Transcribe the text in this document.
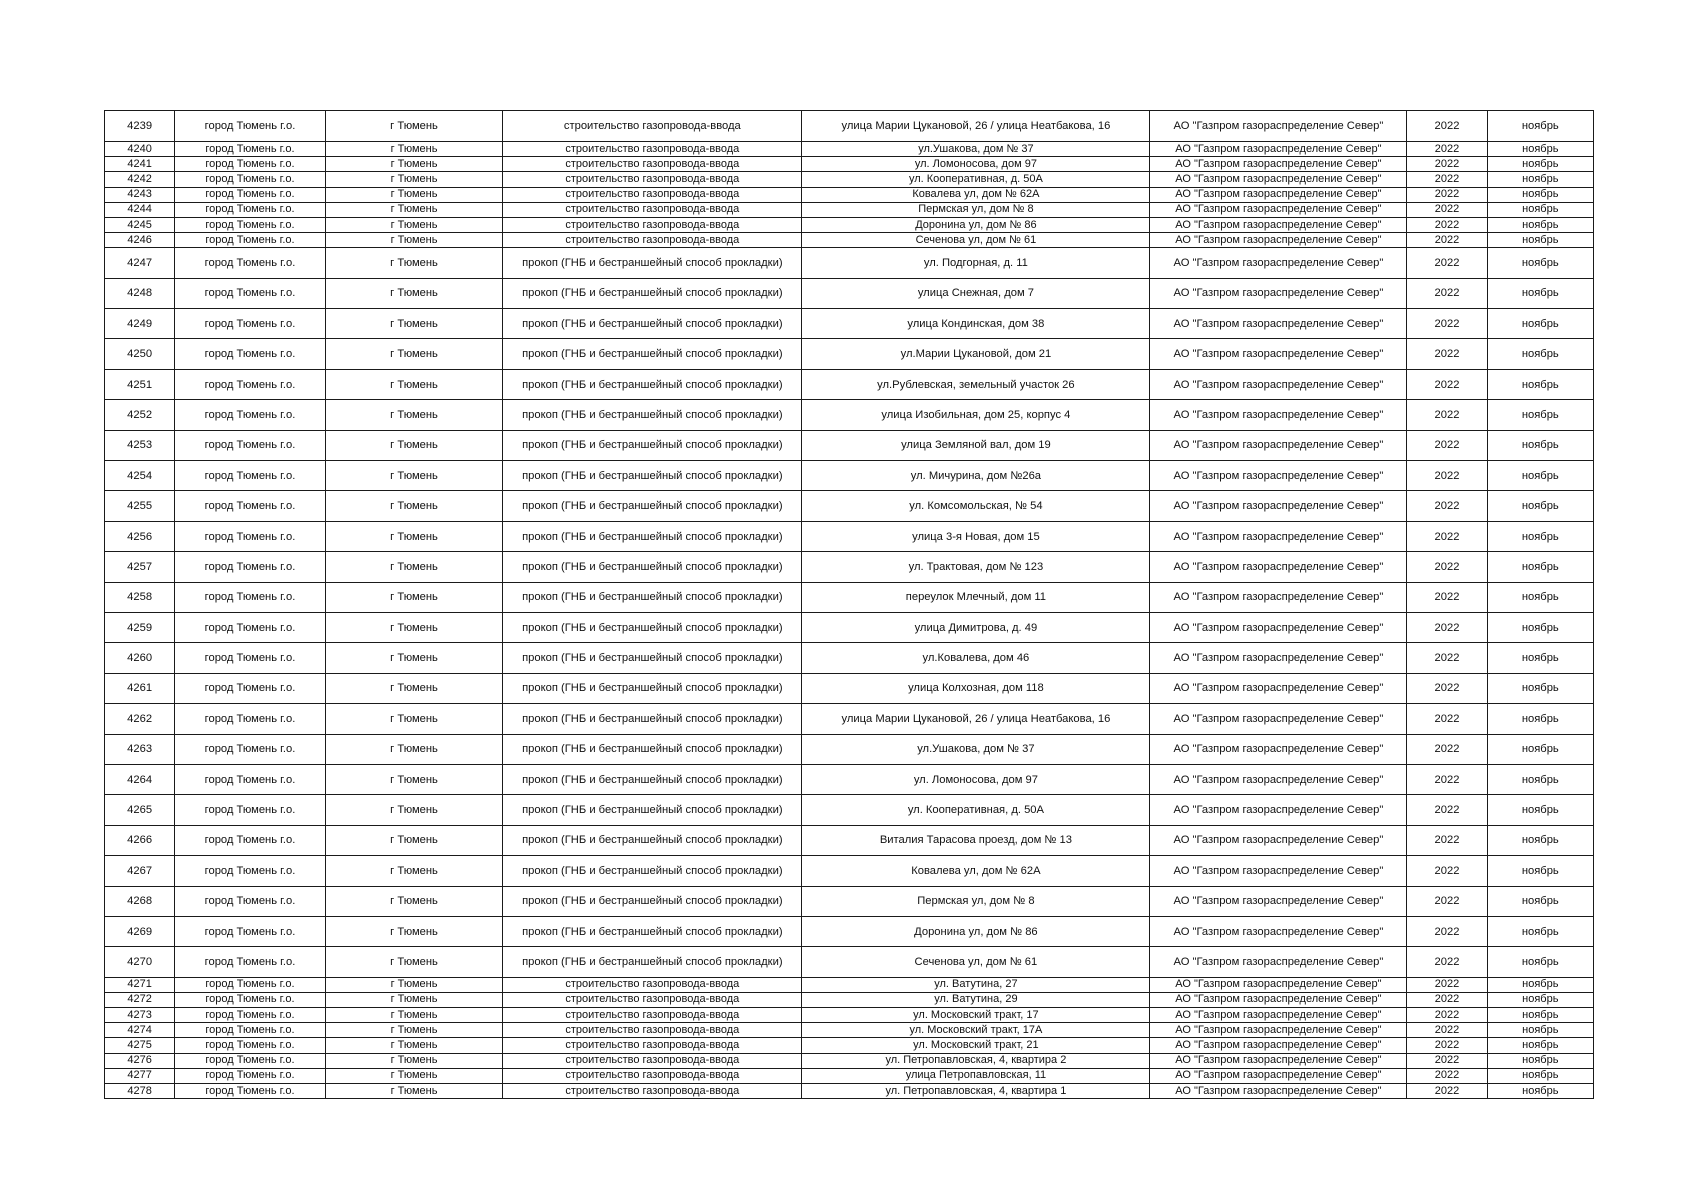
4239	город Тюмень г.о.	г Тюмень	строительство газопровода-ввода	улица Марии Цукановой, 26 / улица Неатбакова, 16	АО "Газпром газораспределение Север"	2022	ноябрь
4240	город Тюмень г.о.	г Тюмень	строительство газопровода-ввода	ул.Ушакова, дом № 37	АО "Газпром газораспределение Север"	2022	ноябрь
4241	город Тюмень г.о.	г Тюмень	строительство газопровода-ввода	ул. Ломоносова, дом 97	АО "Газпром газораспределение Север"	2022	ноябрь
4242	город Тюмень г.о.	г Тюмень	строительство газопровода-ввода	ул. Кооперативная, д. 50А	АО "Газпром газораспределение Север"	2022	ноябрь
4243	город Тюмень г.о.	г Тюмень	строительство газопровода-ввода	Ковалева ул, дом № 62А	АО "Газпром газораспределение Север"	2022	ноябрь
4244	город Тюмень г.о.	г Тюмень	строительство газопровода-ввода	Пермская ул, дом № 8	АО "Газпром газораспределение Север"	2022	ноябрь
4245	город Тюмень г.о.	г Тюмень	строительство газопровода-ввода	Доронина ул, дом № 86	АО "Газпром газораспределение Север"	2022	ноябрь
4246	город Тюмень г.о.	г Тюмень	строительство газопровода-ввода	Сеченова ул, дом № 61	АО "Газпром газораспределение Север"	2022	ноябрь
4247	город Тюмень г.о.	г Тюмень	прокоп (ГНБ и бестраншейный способ прокладки)	ул. Подгорная, д. 11	АО "Газпром газораспределение Север"	2022	ноябрь
4248	город Тюмень г.о.	г Тюмень	прокоп (ГНБ и бестраншейный способ прокладки)	улица Снежная, дом 7	АО "Газпром газораспределение Север"	2022	ноябрь
4249	город Тюмень г.о.	г Тюмень	прокоп (ГНБ и бестраншейный способ прокладки)	улица Кондинская, дом 38	АО "Газпром газораспределение Север"	2022	ноябрь
4250	город Тюмень г.о.	г Тюмень	прокоп (ГНБ и бестраншейный способ прокладки)	ул.Марии Цукановой, дом 21	АО "Газпром газораспределение Север"	2022	ноябрь
4251	город Тюмень г.о.	г Тюмень	прокоп (ГНБ и бестраншейный способ прокладки)	ул.Рублевская, земельный участок 26	АО "Газпром газораспределение Север"	2022	ноябрь
4252	город Тюмень г.о.	г Тюмень	прокоп (ГНБ и бестраншейный способ прокладки)	улица Изобильная, дом 25, корпус 4	АО "Газпром газораспределение Север"	2022	ноябрь
4253	город Тюмень г.о.	г Тюмень	прокоп (ГНБ и бестраншейный способ прокладки)	улица Земляной вал, дом 19	АО "Газпром газораспределение Север"	2022	ноябрь
4254	город Тюмень г.о.	г Тюмень	прокоп (ГНБ и бестраншейный способ прокладки)	ул. Мичурина, дом №26а	АО "Газпром газораспределение Север"	2022	ноябрь
4255	город Тюмень г.о.	г Тюмень	прокоп (ГНБ и бестраншейный способ прокладки)	ул. Комсомольская, № 54	АО "Газпром газораспределение Север"	2022	ноябрь
4256	город Тюмень г.о.	г Тюмень	прокоп (ГНБ и бестраншейный способ прокладки)	улица 3-я Новая, дом 15	АО "Газпром газораспределение Север"	2022	ноябрь
4257	город Тюмень г.о.	г Тюмень	прокоп (ГНБ и бестраншейный способ прокладки)	ул. Трактовая, дом № 123	АО "Газпром газораспределение Север"	2022	ноябрь
4258	город Тюмень г.о.	г Тюмень	прокоп (ГНБ и бестраншейный способ прокладки)	переулок Млечный, дом 11	АО "Газпром газораспределение Север"	2022	ноябрь
4259	город Тюмень г.о.	г Тюмень	прокоп (ГНБ и бестраншейный способ прокладки)	улица Димитрова, д. 49	АО "Газпром газораспределение Север"	2022	ноябрь
4260	город Тюмень г.о.	г Тюмень	прокоп (ГНБ и бестраншейный способ прокладки)	ул.Ковалева, дом 46	АО "Газпром газораспределение Север"	2022	ноябрь
4261	город Тюмень г.о.	г Тюмень	прокоп (ГНБ и бестраншейный способ прокладки)	улица Колхозная, дом 118	АО "Газпром газораспределение Север"	2022	ноябрь
4262	город Тюмень г.о.	г Тюмень	прокоп (ГНБ и бестраншейный способ прокладки)	улица Марии Цукановой, 26 / улица Неатбакова, 16	АО "Газпром газораспределение Север"	2022	ноябрь
4263	город Тюмень г.о.	г Тюмень	прокоп (ГНБ и бестраншейный способ прокладки)	ул.Ушакова, дом № 37	АО "Газпром газораспределение Север"	2022	ноябрь
4264	город Тюмень г.о.	г Тюмень	прокоп (ГНБ и бестраншейный способ прокладки)	ул. Ломоносова, дом 97	АО "Газпром газораспределение Север"	2022	ноябрь
4265	город Тюмень г.о.	г Тюмень	прокоп (ГНБ и бестраншейный способ прокладки)	ул. Кооперативная, д. 50А	АО "Газпром газораспределение Север"	2022	ноябрь
4266	город Тюмень г.о.	г Тюмень	прокоп (ГНБ и бестраншейный способ прокладки)	Виталия Тарасова проезд, дом № 13	АО "Газпром газораспределение Север"	2022	ноябрь
4267	город Тюмень г.о.	г Тюмень	прокоп (ГНБ и бестраншейный способ прокладки)	Ковалева ул, дом № 62А	АО "Газпром газораспределение Север"	2022	ноябрь
4268	город Тюмень г.о.	г Тюмень	прокоп (ГНБ и бестраншейный способ прокладки)	Пермская ул, дом № 8	АО "Газпром газораспределение Север"	2022	ноябрь
4269	город Тюмень г.о.	г Тюмень	прокоп (ГНБ и бестраншейный способ прокладки)	Доронина ул, дом № 86	АО "Газпром газораспределение Север"	2022	ноябрь
4270	город Тюмень г.о.	г Тюмень	прокоп (ГНБ и бестраншейный способ прокладки)	Сеченова ул, дом № 61	АО "Газпром газораспределение Север"	2022	ноябрь
4271	город Тюмень г.о.	г Тюмень	строительство газопровода-ввода	ул. Ватутина, 27	АО "Газпром газораспределение Север"	2022	ноябрь
4272	город Тюмень г.о.	г Тюмень	строительство газопровода-ввода	ул. Ватутина, 29	АО "Газпром газораспределение Север"	2022	ноябрь
4273	город Тюмень г.о.	г Тюмень	строительство газопровода-ввода	ул. Московский тракт, 17	АО "Газпром газораспределение Север"	2022	ноябрь
4274	город Тюмень г.о.	г Тюмень	строительство газопровода-ввода	ул. Московский тракт, 17А	АО "Газпром газораспределение Север"	2022	ноябрь
4275	город Тюмень г.о.	г Тюмень	строительство газопровода-ввода	ул. Московский тракт, 21	АО "Газпром газораспределение Север"	2022	ноябрь
4276	город Тюмень г.о.	г Тюмень	строительство газопровода-ввода	ул. Петропавловская, 4, квартира 2	АО "Газпром газораспределение Север"	2022	ноябрь
4277	город Тюмень г.о.	г Тюмень	строительство газопровода-ввода	улица Петропавловская, 11	АО "Газпром газораспределение Север"	2022	ноябрь
4278	город Тюмень г.о.	г Тюмень	строительство газопровода-ввода	ул. Петропавловская, 4, квартира 1	АО "Газпром газораспределение Север"	2022	ноябрь
